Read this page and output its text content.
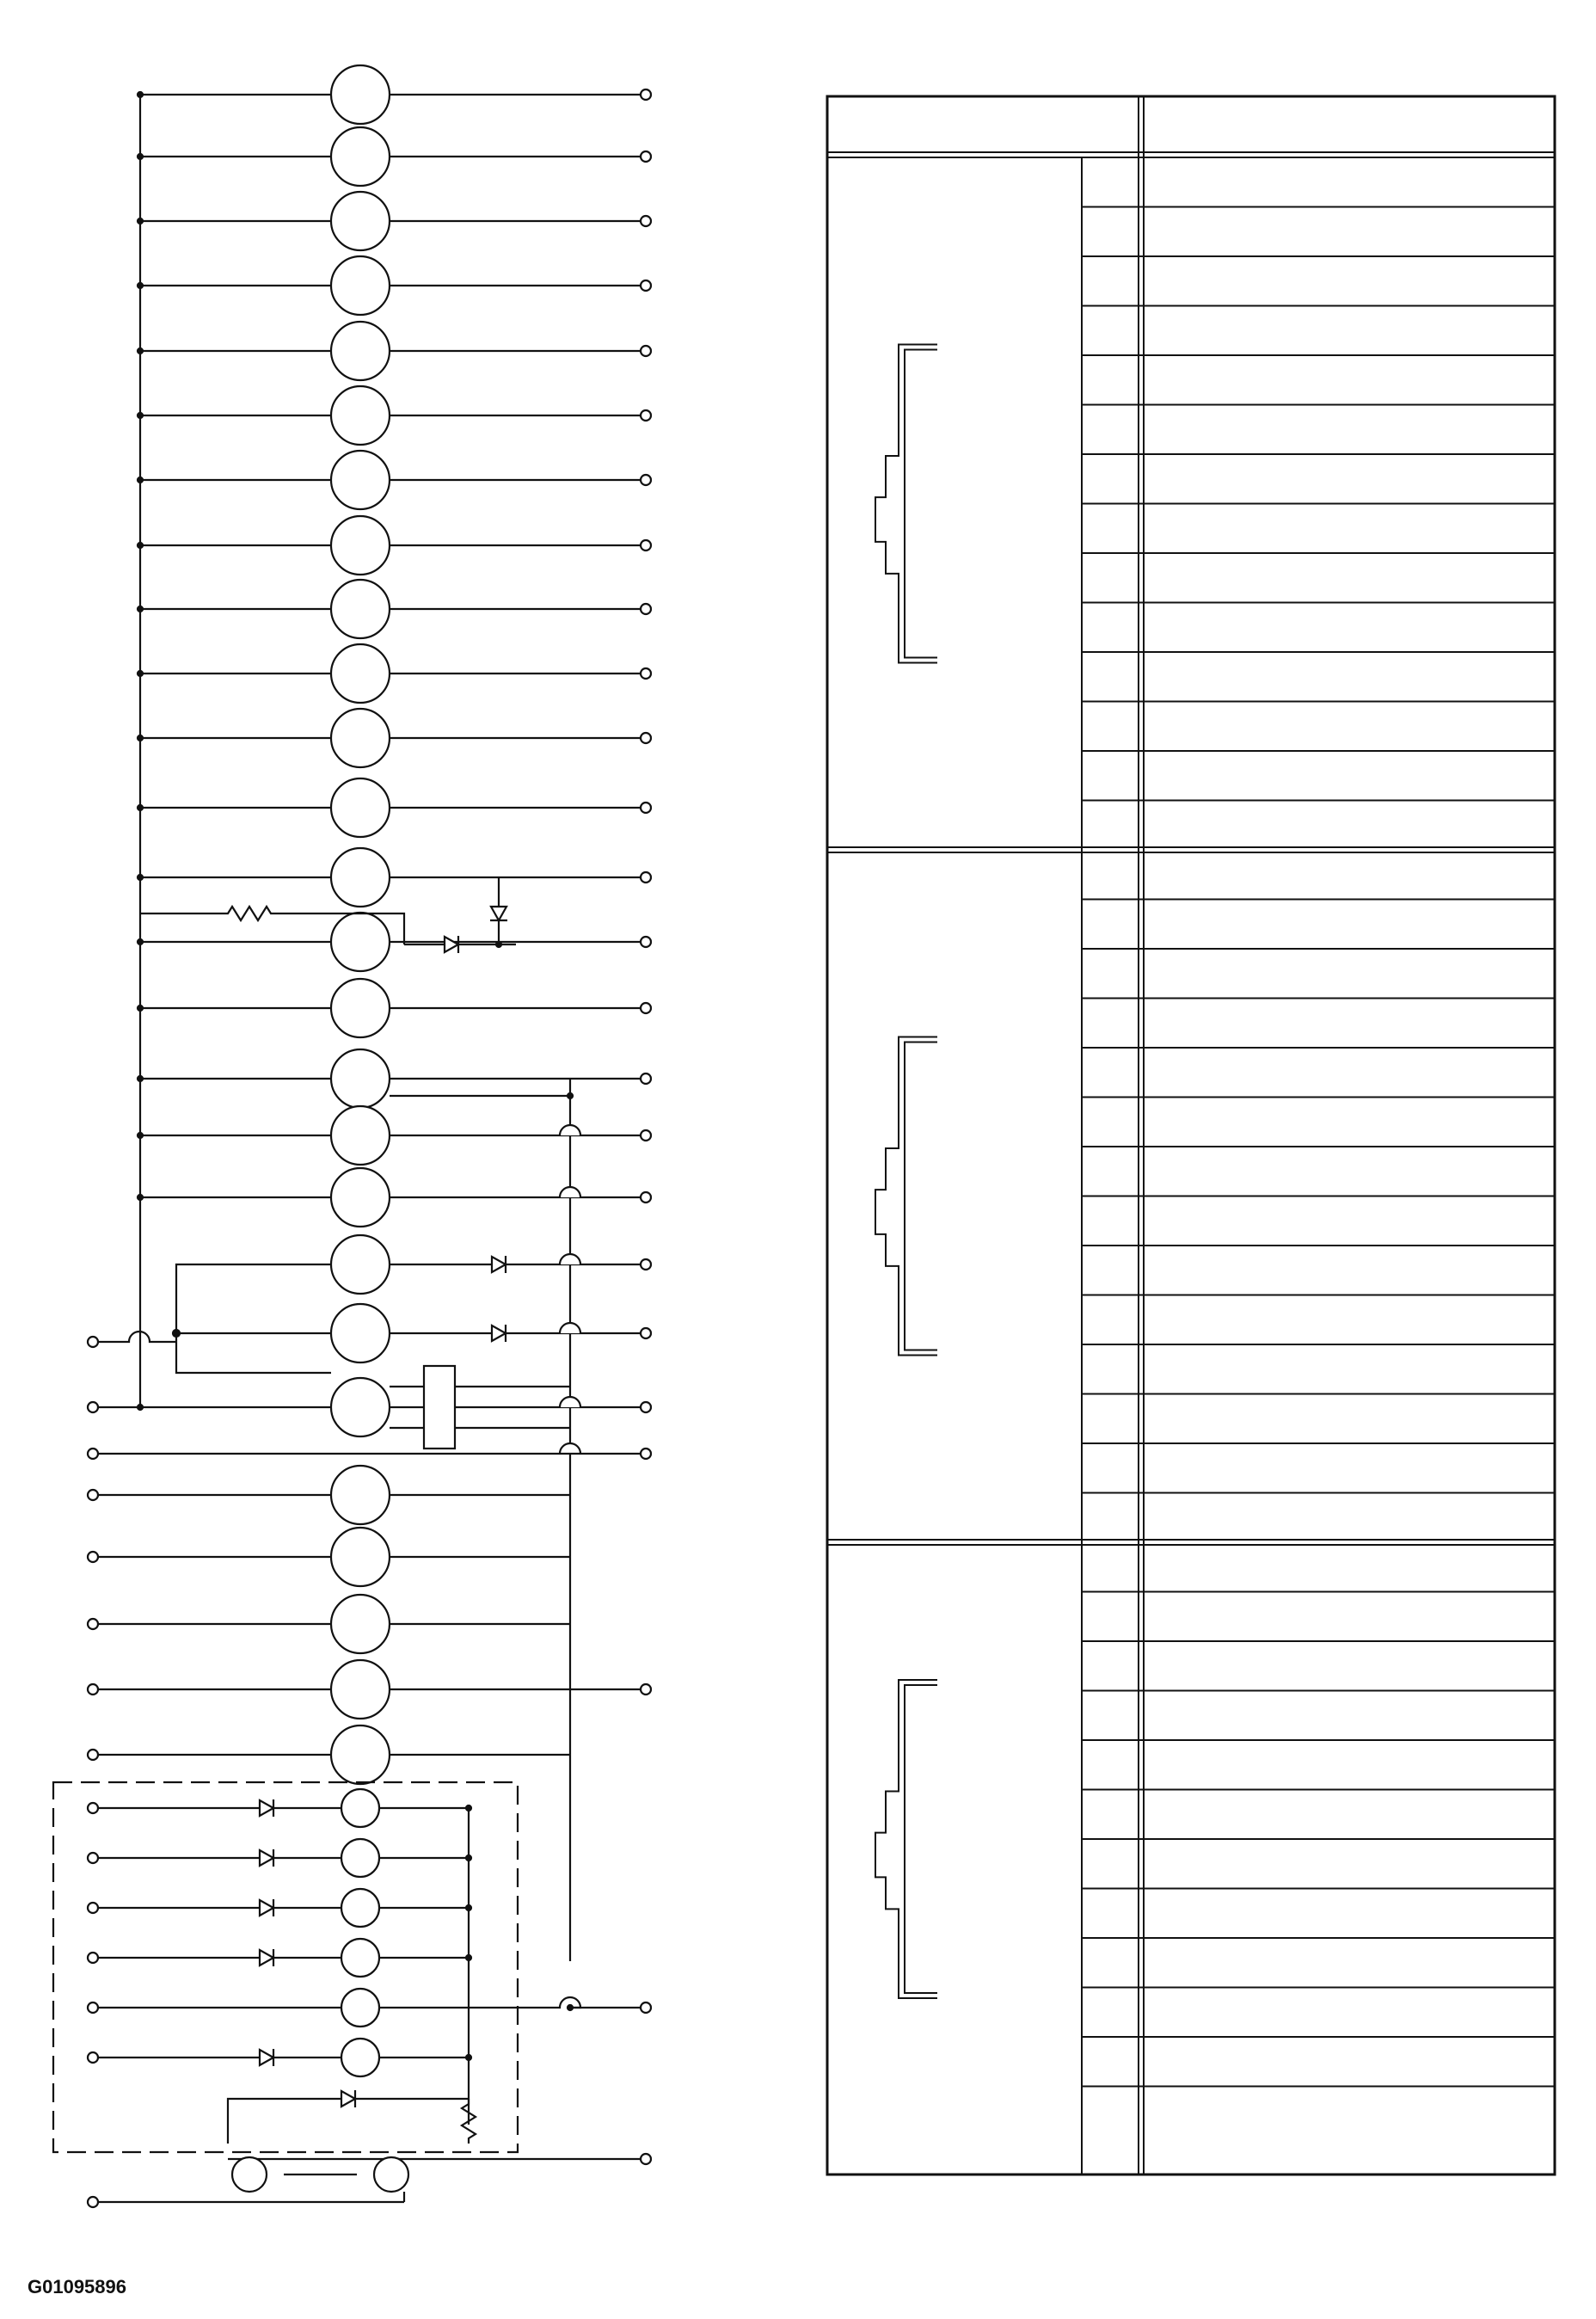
G01095896
